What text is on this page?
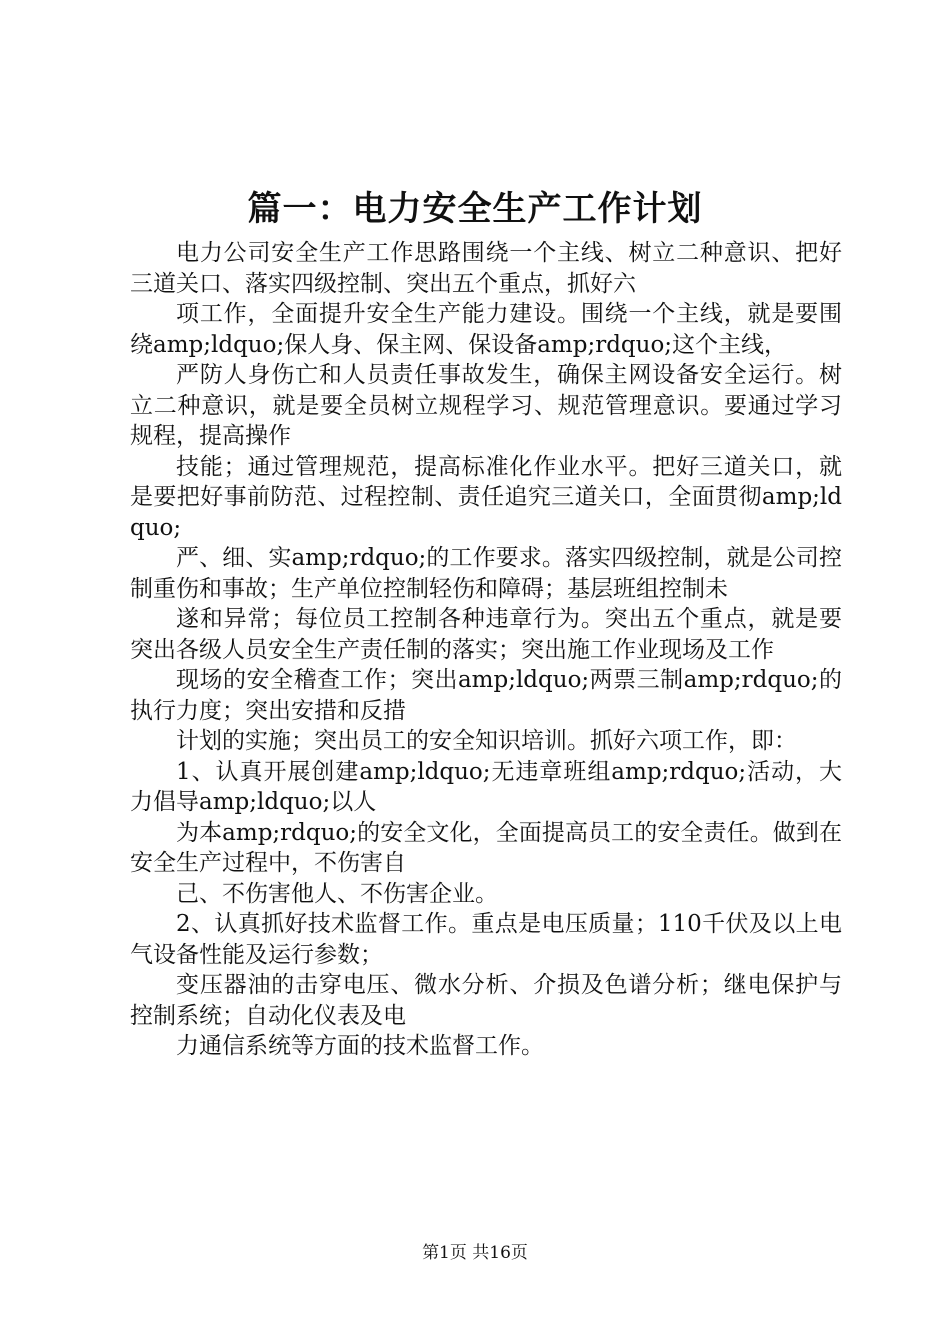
篇一：电力安全生产工作计划

电力公司安全生产工作思路围绕一个主线、树立二种意识、把好三道关口、落实四级控制、突出五个重点，抓好六

项工作，全面提升安全生产能力建设。围绕一个主线，就是要围绕amp;ldquo;保人身、保主网、保设备amp;rdquo;这个主线，

严防人身伤亡和人员责任事故发生，确保主网设备安全运行。树立二种意识，就是要全员树立规程学习、规范管理意识。要通过学习规程，提高操作

技能；通过管理规范，提高标准化作业水平。把好三道关口，就是要把好事前防范、过程控制、责任追究三道关口，全面贯彻amp;ldquo;

严、细、实amp;rdquo;的工作要求。落实四级控制，就是公司控制重伤和事故；生产单位控制轻伤和障碍；基层班组控制未

遂和异常；每位员工控制各种违章行为。突出五个重点，就是要突出各级人员安全生产责任制的落实；突出施工作业现场及工作

现场的安全稽查工作；突出amp;ldquo;两票三制amp;rdquo;的执行力度；突出安措和反措

计划的实施；突出员工的安全知识培训。抓好六项工作，即：

1、认真开展创建amp;ldquo;无违章班组amp;rdquo;活动，大力倡导amp;ldquo;以人

为本amp;rdquo;的安全文化，全面提高员工的安全责任。做到在安全生产过程中，不伤害自

己、不伤害他人、不伤害企业。

2、认真抓好技术监督工作。重点是电压质量；110千伏及以上电气设备性能及运行参数；

变压器油的击穿电压、微水分析、介损及色谱分析；继电保护与控制系统；自动化仪表及电

力通信系统等方面的技术监督工作。

第1页 共16页
